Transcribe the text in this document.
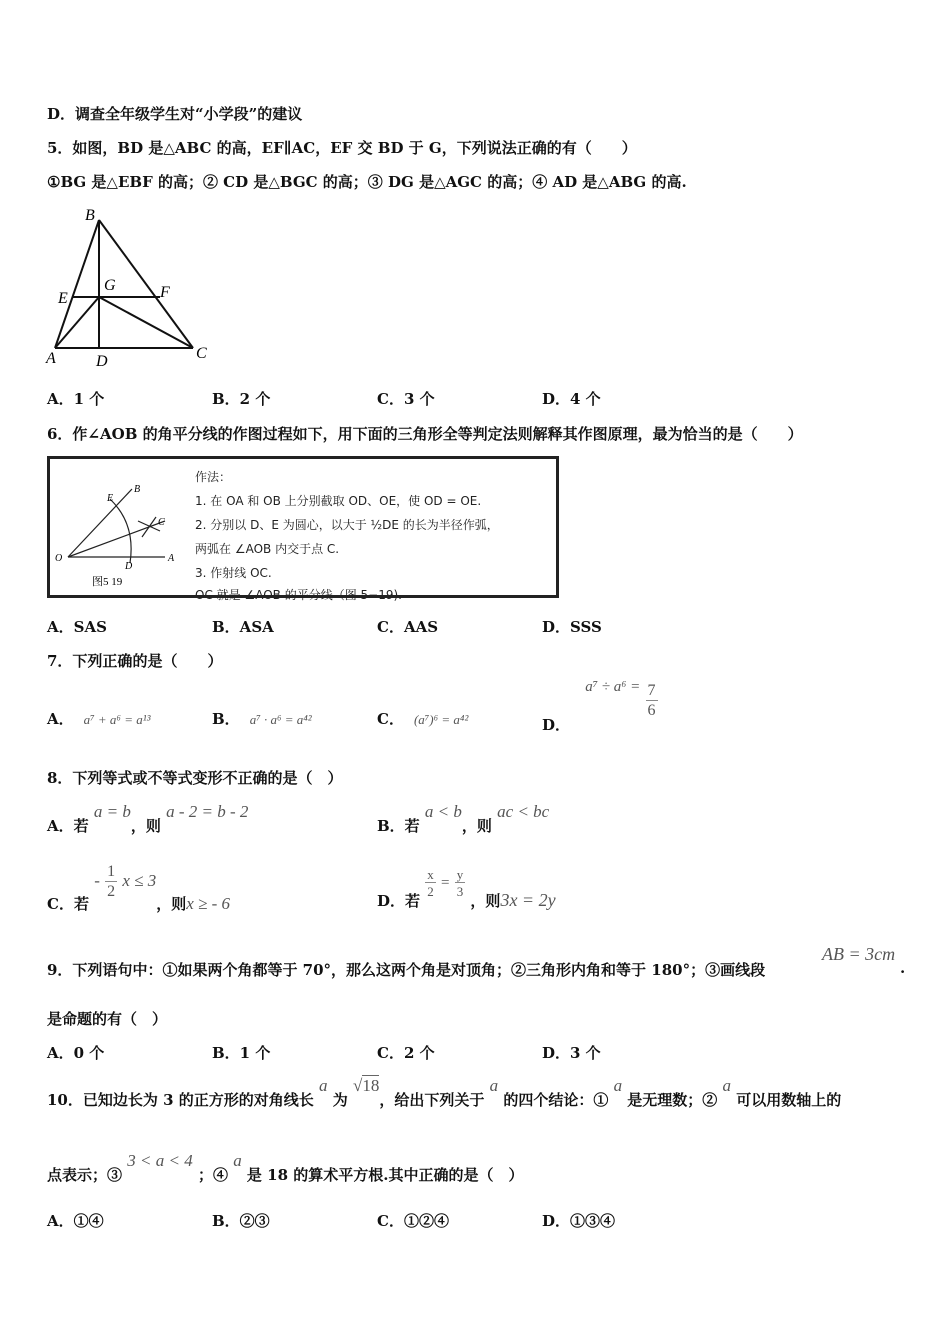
D．调查全年级学生对“小学段”的建议
5．如图，BD 是△ABC 的高，EF∥AC，EF 交 BD 于 G，下列说法正确的有（　　）
①BG 是△EBF 的高；② CD 是△BGC 的高；③ DG 是△AGC 的高；④ AD 是△ABG 的高.
B
E
G	F
A	D	C
A．1 个	B．2 个	C．3 个	D．4 个
6．作∠AOB 的角平分线的作图过程如下，用下面的三角形全等判定法则解释其作图原理，最为恰当的是（　　）
E
B
C
O
D
A
图5 19
作法：
1. 在 OA 和 OB 上分别截取 OD、OE，使 OD = OE.
2. 分别以 D、E 为圆心，以大于 ½DE 的长为半径作弧，
两弧在 ∠AOB 内交于点 C.
3. 作射线 OC.
OC 就是 ∠AOB 的平分线（图 5−19).
A．SAS	B．ASA	C．AAS	D．SSS
7．下列正确的是（　　）
A． a⁷ + a⁶ = a¹³	B． a⁷ · a⁶ = a⁴²	C． (a⁷)⁶ = a⁴²	D． $a^7 \div a^6 = \frac{7}{6}$
8．下列等式或不等式变形不正确的是（　）
A．若 a = b，则 a - 2 = b - 2
B．若 a < b，则 ac < bc
C．若 - $\frac{1}{2}$ x ≤ 3，则x ≥ - 6	D．若
$\frac{x}{2} = \frac{y}{3}$
，则3x = 2y
9．下列语句中：①如果两个角都等于 70°，那么这两个角是对顶角；②三角形内角和等于 180°；③画线段
AB = 3cm
.
是命题的有（　）
A．0 个	B．1 个	C．2 个	D．3 个
10．已知边长为 3 的正方形的对角线长 a 为 √18，给出下列关于 a 的四个结论：① a 是无理数；② a 可以用数轴上的
点表示；③ 3 < a < 4 ；④ a 是 18 的算术平方根.其中正确的是（　）
A．①④	B．②③	C．①②④	D．①③④
